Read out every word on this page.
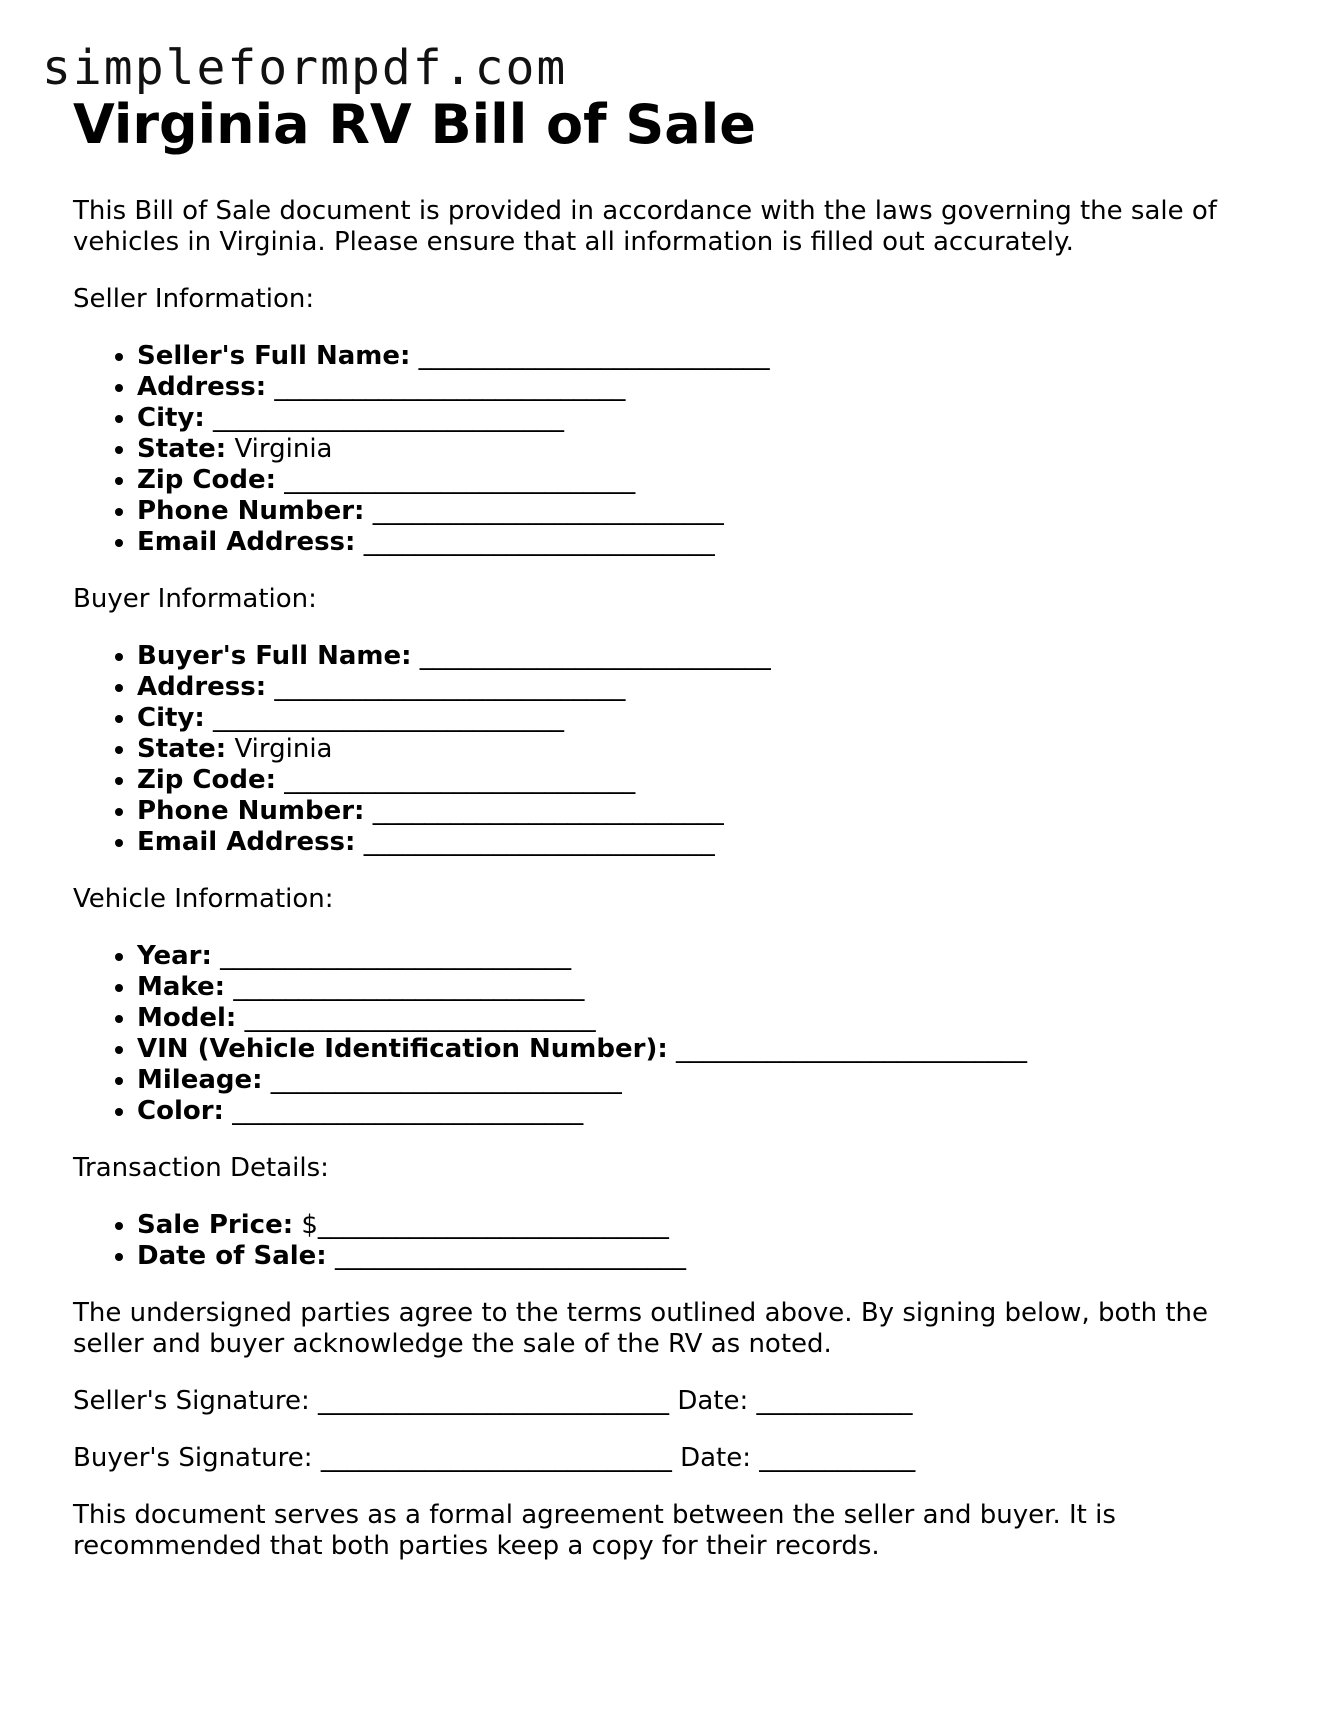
simpleformpdf.com
Virginia RV Bill of Sale

This Bill of Sale document is provided in accordance with the laws governing the sale of vehicles in Virginia. Please ensure that all information is filled out accurately.

Seller Information:

• Seller's Full Name: ___________________________
• Address: ___________________________
• City: ___________________________
• State: Virginia
• Zip Code: ___________________________
• Phone Number: ___________________________
• Email Address: ___________________________

Buyer Information:

• Buyer's Full Name: ___________________________
• Address: ___________________________
• City: ___________________________
• State: Virginia
• Zip Code: ___________________________
• Phone Number: ___________________________
• Email Address: ___________________________

Vehicle Information:

• Year: ___________________________
• Make: ___________________________
• Model: ___________________________
• VIN (Vehicle Identification Number): ___________________________
• Mileage: ___________________________
• Color: ___________________________

Transaction Details:

• Sale Price: $___________________________
• Date of Sale: ___________________________

The undersigned parties agree to the terms outlined above. By signing below, both the seller and buyer acknowledge the sale of the RV as noted.

Seller's Signature: ___________________________ Date: ____________

Buyer's Signature: ___________________________ Date: ____________

This document serves as a formal agreement between the seller and buyer. It is recommended that both parties keep a copy for their records.
